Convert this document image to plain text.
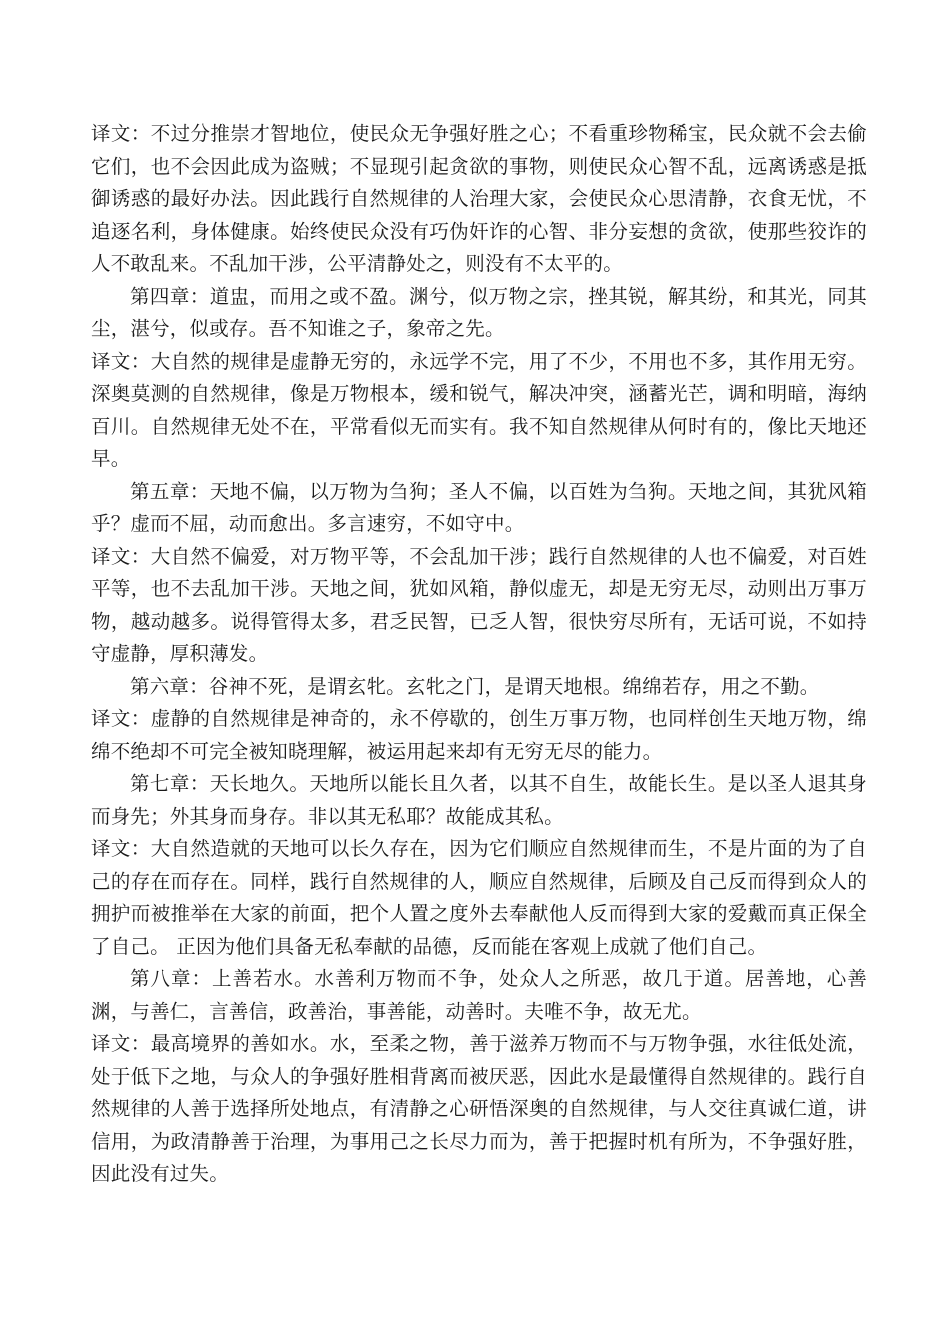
译文：不过分推崇才智地位，使民众无争强好胜之心；不看重珍物稀宝，民众就不会去偷它们，也不会因此成为盗贼；不显现引起贪欲的事物，则使民众心智不乱，远离诱惑是抵御诱惑的最好办法。因此践行自然规律的人治理大家，会使民众心思清静，衣食无忧，不追逐名利，身体健康。始终使民众没有巧伪奸诈的心智、非分妄想的贪欲，使那些狡诈的人不敢乱来。不乱加干涉，公平清静处之，则没有不太平的。

第四章：道盅，而用之或不盈。渊兮，似万物之宗，挫其锐，解其纷，和其光，同其尘，湛兮，似或存。吾不知谁之子，象帝之先。

译文：大自然的规律是虚静无穷的，永远学不完，用了不少，不用也不多，其作用无穷。深奥莫测的自然规律，像是万物根本，缓和锐气，解决冲突，涵蓄光芒，调和明暗，海纳百川。自然规律无处不在，平常看似无而实有。我不知自然规律从何时有的，像比天地还早。

第五章：天地不偏，以万物为刍狗；圣人不偏，以百姓为刍狗。天地之间，其犹风箱乎？虚而不屈，动而愈出。多言速穷，不如守中。

译文：大自然不偏爱，对万物平等，不会乱加干涉；践行自然规律的人也不偏爱，对百姓平等，也不去乱加干涉。天地之间，犹如风箱，静似虚无，却是无穷无尽，动则出万事万物，越动越多。说得管得太多，君乏民智，已乏人智，很快穷尽所有，无话可说，不如持守虚静，厚积薄发。

第六章：谷神不死，是谓玄牝。玄牝之门，是谓天地根。绵绵若存，用之不勤。

译文：虚静的自然规律是神奇的，永不停歇的，创生万事万物，也同样创生天地万物，绵绵不绝却不可完全被知晓理解，被运用起来却有无穷无尽的能力。

第七章：天长地久。天地所以能长且久者，以其不自生，故能长生。是以圣人退其身而身先；外其身而身存。非以其无私耶？故能成其私。

译文：大自然造就的天地可以长久存在，因为它们顺应自然规律而生，不是片面的为了自己的存在而存在。同样，践行自然规律的人，顺应自然规律，后顾及自己反而得到众人的拥护而被推举在大家的前面，把个人置之度外去奉献他人反而得到大家的爱戴而真正保全了自己。 正因为他们具备无私奉献的品德，反而能在客观上成就了他们自己。

第八章：上善若水。水善利万物而不争，处众人之所恶，故几于道。居善地，心善渊，与善仁，言善信，政善治，事善能，动善时。夫唯不争，故无尤。

译文：最高境界的善如水。水，至柔之物，善于滋养万物而不与万物争强，水往低处流，处于低下之地，与众人的争强好胜相背离而被厌恶，因此水是最懂得自然规律的。践行自然规律的人善于选择所处地点，有清静之心研悟深奥的自然规律，与人交往真诚仁道，讲信用，为政清静善于治理，为事用己之长尽力而为，善于把握时机有所为，不争强好胜，因此没有过失。
